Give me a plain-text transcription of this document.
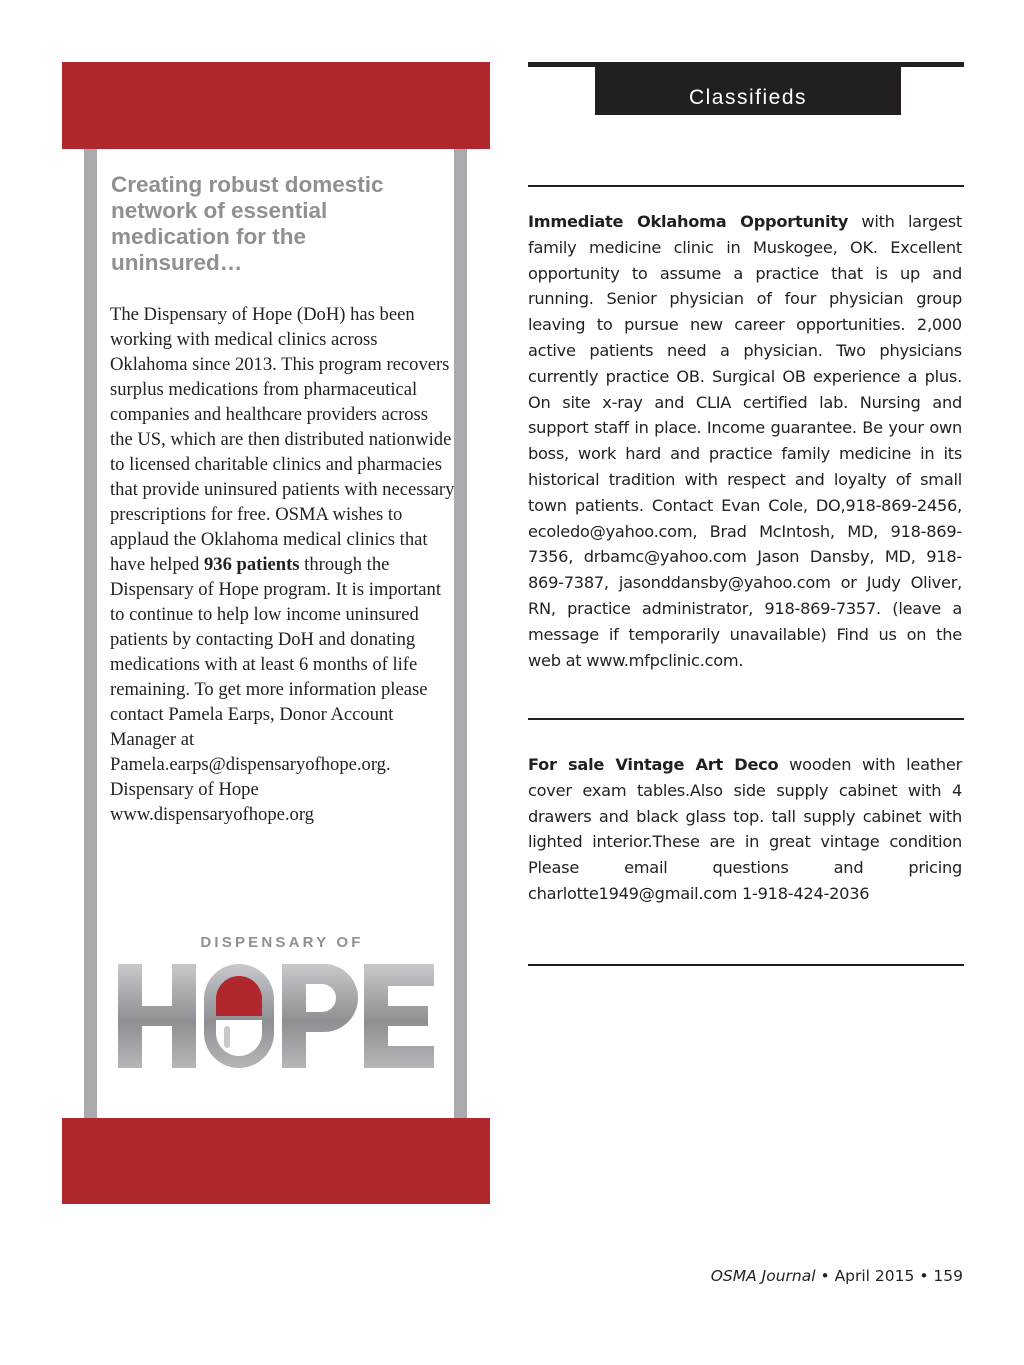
Creating robust domestic network of essential medication for the uninsured…

The Dispensary of Hope (DoH) has been working with medical clinics across Oklahoma since 2013. This program recovers surplus medications from pharmaceutical companies and healthcare providers across the US, which are then distributed nationwide to licensed charitable clinics and pharmacies that provide uninsured patients with necessary prescriptions for free. OSMA wishes to applaud the Oklahoma medical clinics that have helped 936 patients through the Dispensary of Hope program. It is important to continue to help low income uninsured patients by contacting DoH and donating medications with at least 6 months of life remaining. To get more information please contact Pamela Earps, Donor Account Manager at Pamela.earps@dispensaryofhope.org. Dispensary of Hope www.dispensaryofhope.org

DISPENSARY OF
Classifieds

Immediate Oklahoma Opportunity with largest family medicine clinic in Muskogee, OK. Excellent opportunity to assume a practice that is up and running. Senior physician of four physician group leaving to pursue new career opportunities. 2,000 active patients need a physician. Two physicians currently practice OB. Surgical OB experience a plus. On site x-ray and CLIA certified lab. Nursing and support staff in place. Income guarantee. Be your own boss, work hard and practice family medicine in its historical tradition with respect and loyalty of small town patients. Contact Evan Cole, DO,918-869-2456, ecoledo@yahoo.com, Brad McIntosh, MD, 918-869-7356, drbamc@yahoo.com Jason Dansby, MD, 918-869-7387, jasonddansby@yahoo.com or Judy Oliver, RN, practice administrator, 918-869-7357. (leave a message if temporarily unavailable) Find us on the web at www.mfpclinic.com.

For sale Vintage Art Deco wooden with leather cover exam tables.Also side supply cabinet with 4 drawers and black glass top. tall supply cabinet with lighted interior.These are in great vintage condition Please email questions and pricing charlotte1949@gmail.com 1-918-424-2036

OSMA Journal • April 2015 • 159
